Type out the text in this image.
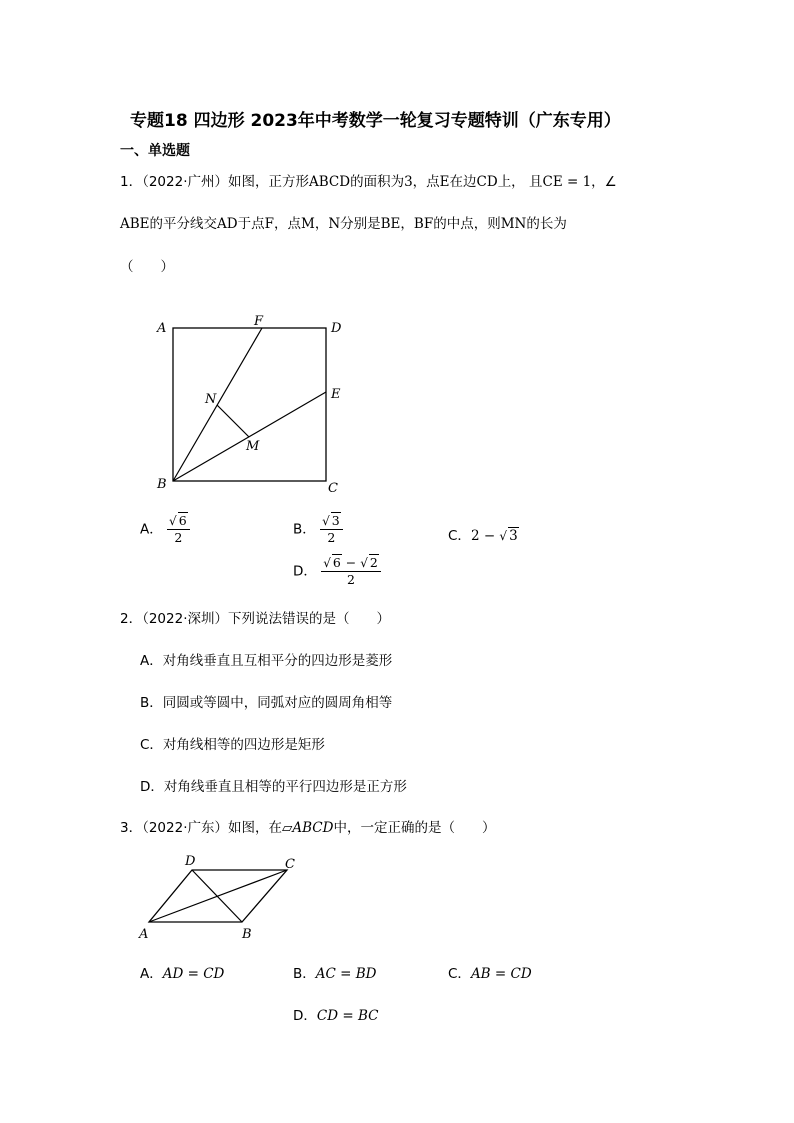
专题18 四边形 2023年中考数学一轮复习专题特训（广东专用）
一、单选题
1．（2022·广州）如图，正方形ABCD的面积为3，点E在边CD上， 且CE = 1，∠
ABE的平分线交AD于点F，点M，N分别是BE，BF的中点，则MN的长为
（　　）
A	F	D
E
N
M
B	C
A． $\frac{√ 6}{2}$	B． $\frac{√ 3}{2}$	C．2 − √ 3
D． $\frac{√ 6 - √ 2}{2}$
2．（2022·深圳）下列说法错误的是（　　）
A．对角线垂直且互相平分的四边形是菱形
B．同圆或等圆中，同弧对应的圆周角相等
C．对角线相等的四边形是矩形
D．对角线垂直且相等的平行四边形是正方形
3．（2022·广东）如图，在▱ABCD中，一定正确的是（　　）
D	C
A	B
A．AD = CD	B．AC = BD	C．AB = CD
D．CD = BC
